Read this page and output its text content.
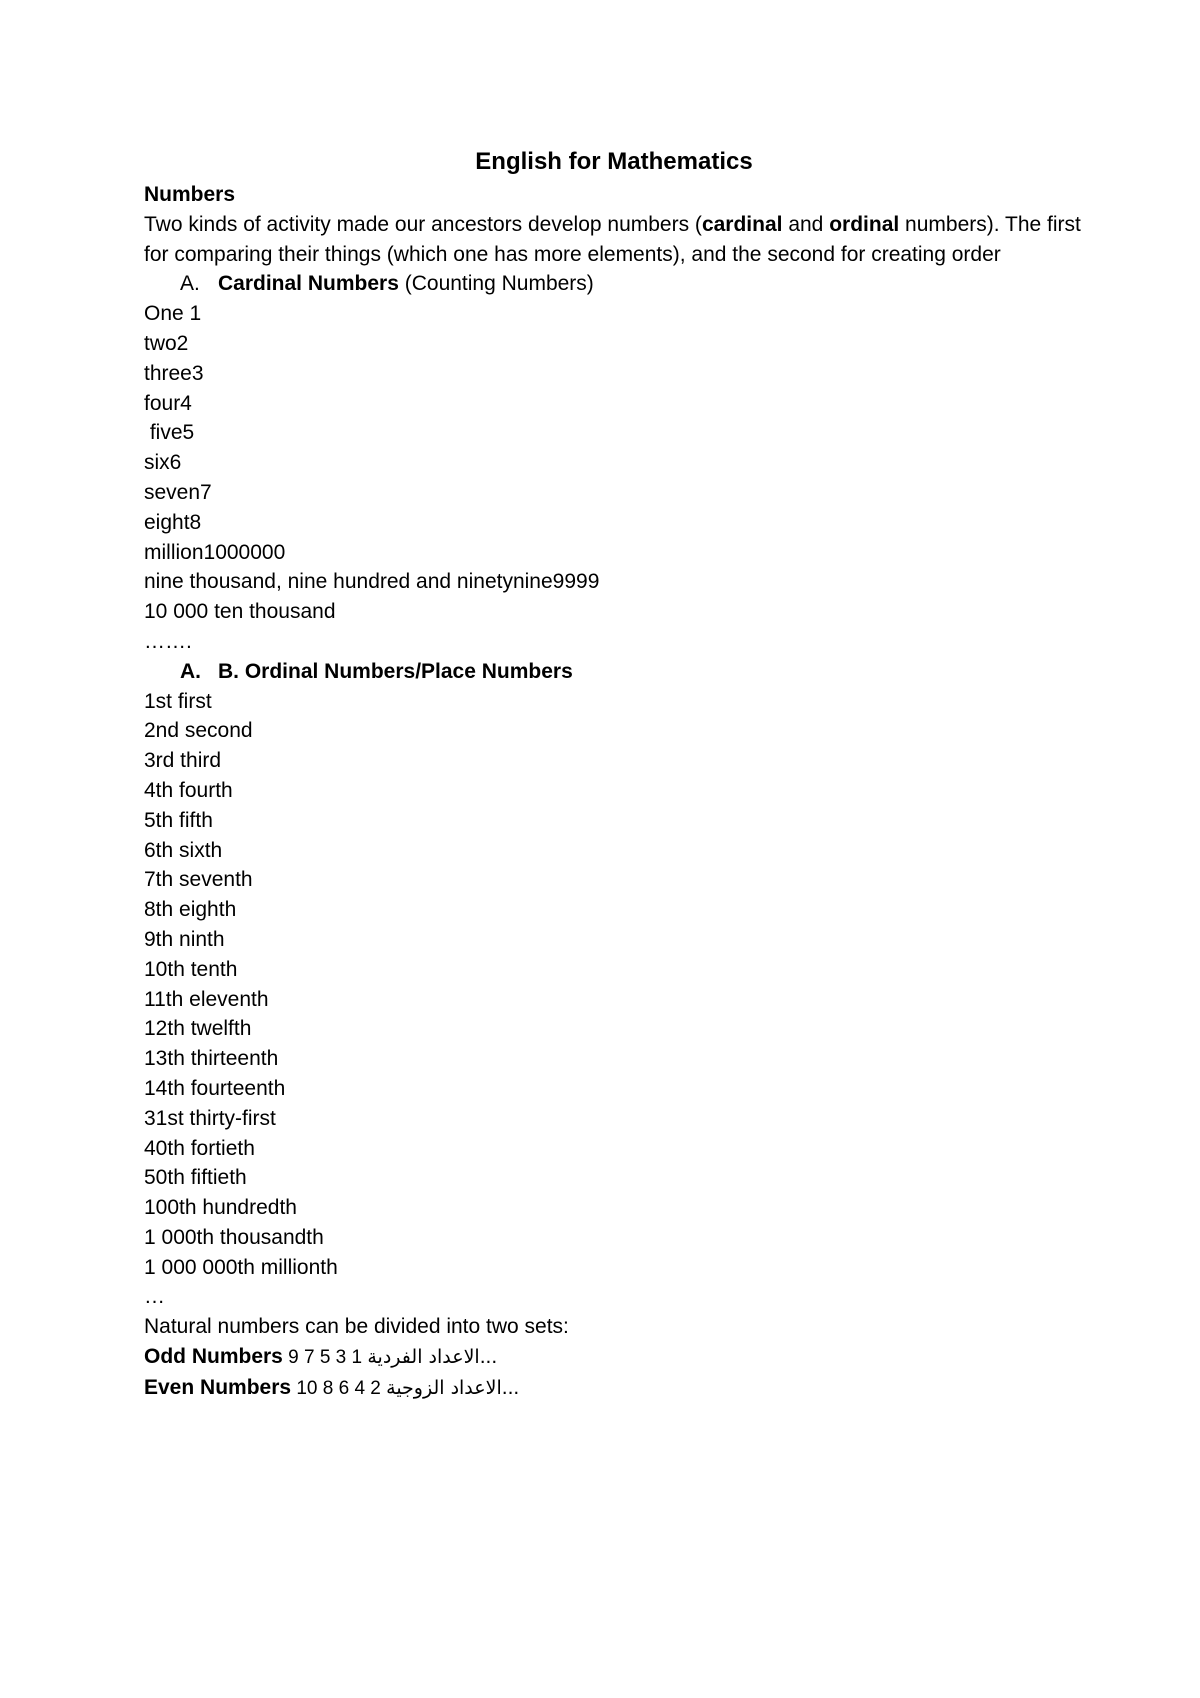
English for Mathematics
Numbers
Two kinds of activity made our ancestors develop numbers (cardinal and ordinal numbers). The first for comparing their things (which one has more elements), and the second for creating order
A. Cardinal Numbers (Counting Numbers)
One 1
two2
three3
four4
five5
six6
seven7
eight8
million1000000
nine thousand, nine hundred and ninetynine9999
10 000 ten thousand
…….
A. B. Ordinal Numbers/Place Numbers
1st first
2nd second
3rd third
4th fourth
5th fifth
6th sixth
7th seventh
8th eighth
9th ninth
10th tenth
11th eleventh
12th twelfth
13th thirteenth
14th fourteenth
31st thirty-first
40th fortieth
50th fiftieth
100th hundredth
1 000th thousandth
1 000 000th millionth
…
Natural numbers can be divided into two sets:
Odd Numbers 9 7 5 3 1 الاعداد الفردية...
Even Numbers 10 8 6 4 2 الاعداد الزوجية...
